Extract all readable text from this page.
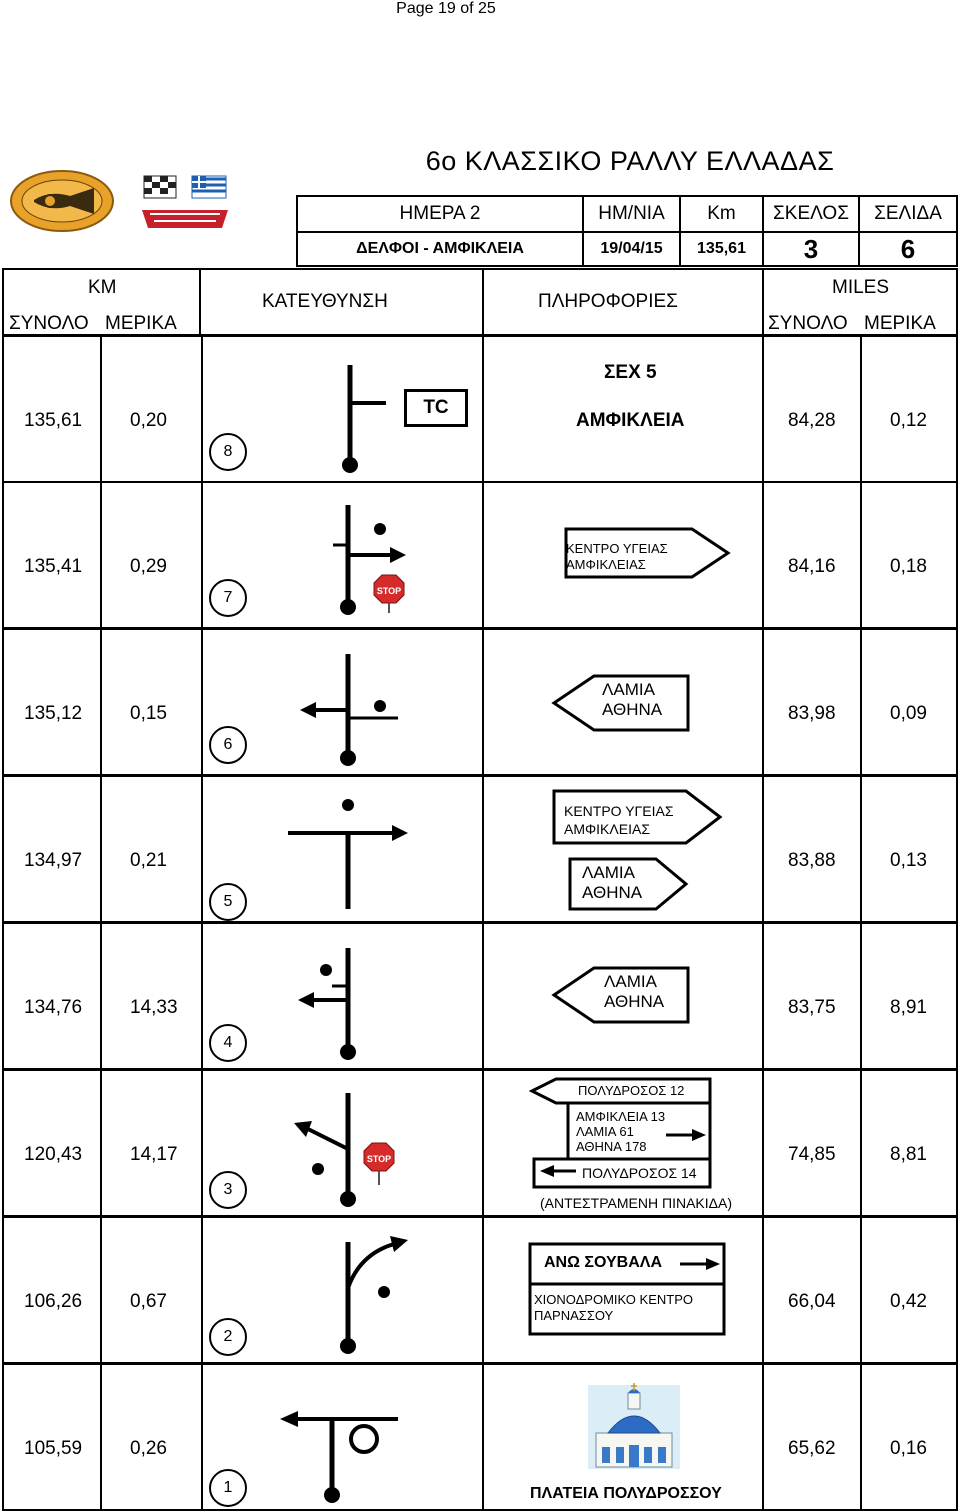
Page 19 of 25
6o ΚΛΑΣΣΙΚΟ ΡΑΛΛΥ ΕΛΛΑΔΑΣ
ΗΜΕΡΑ 2	ΗΜ/ΝΙΑ	Km	ΣΚΕΛΟΣ	ΣΕΛΙΔΑ
ΔΕΛΦΟΙ - ΑΜΦΙΚΛΕΙΑ	19/04/15	135,61	3	6
KM
ΣΥΝΟΛΟ ΜΕΡΙΚΑ
ΚΑΤΕΥΘΥΝΣΗ	ΠΛΗΡΟΦΟΡΙΕΣ
MILES
ΣΥΝΟΛΟ ΜΕΡΙΚΑ
135,61	0,20
8
TC
ΣΕΧ 5
ΑΜΦΙΚΛΕΙΑ	84,28	0,12
135,41	0,29
7	STOP
ΚΕΝΤΡΟ ΥΓΕΙΑΣ
ΑΜΦΙΚΛΕΙΑΣ	84,16	0,18
135,12	0,15
6
ΛΑΜΙΑ
ΑΘΗΝΑ	83,98	0,09
134,97	0,21
5
ΚΕΝΤΡΟ ΥΓΕΙΑΣ
ΑΜΦΙΚΛΕΙΑΣ
ΛΑΜΙΑ
ΑΘΗΝΑ
83,88	0,13
134,76	14,33
4
ΛΑΜΙΑ
ΑΘΗΝΑ	83,75	8,91
120,43	14,17
3
STOP
ΠΟΛΥΔΡΟΣΟΣ 12
ΑΜΦΙΚΛΕΙΑ 13
ΛΑΜΙΑ 61
ΑΘΗΝΑ 178
ΠΟΛΥΔΡΟΣΟΣ 14
(ΑΝΤΕΣΤΡΑΜΕΝΗ ΠΙΝΑΚΙΔΑ)
74,85	8,81
106,26	0,67
2
ΑΝΩ ΣΟΥΒΑΛΑ
ΧΙΟΝΟΔΡΟΜΙΚΟ ΚΕΝΤΡΟ
ΠΑΡΝΑΣΣΟΥ
66,04	0,42
105,59	0,26
1	ΠΛΑΤΕΙΑ ΠΟΛΥΔΡΟΣΣΟΥ
65,62	0,16
